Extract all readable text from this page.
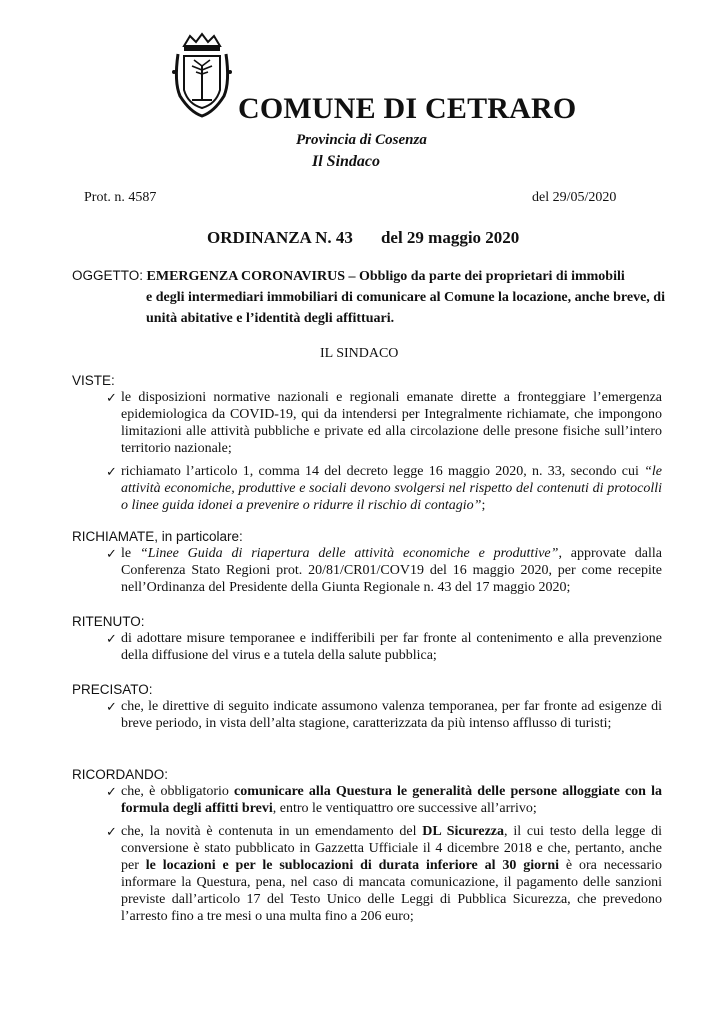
COMUNE DI CETRARO
Provincia di Cosenza
Il Sindaco
Prot. n. 4587	del 29/05/2020
ORDINANZA N. 43 del 29 maggio 2020
OGGETTO: EMERGENZA CORONAVIRUS – Obbligo da parte dei proprietari di immobili
e degli intermediari immobiliari di comunicare al Comune la locazione, anche breve, di unità abitative e l’identità degli affittuari.
IL SINDACO
VISTE:
✓ le disposizioni normative nazionali e regionali emanate dirette a fronteggiare l’emergenza epidemiologica da COVID-19, qui da intendersi per Integralmente richiamate, che impongono limitazioni alle attività pubbliche e private ed alla circolazione delle presone fisiche sull’intero territorio nazionale;
✓ richiamato l’articolo 1, comma 14 del decreto legge 16 maggio 2020, n. 33, secondo cui “le attività economiche, produttive e sociali devono svolgersi nel rispetto del contenuti di protocolli o linee guida idonei a prevenire o ridurre il rischio di contagio”;
RICHIAMATE, in particolare:
✓ le “Linee Guida di riapertura delle attività economiche e produttive”, approvate dalla Conferenza Stato Regioni prot. 20/81/CR01/COV19 del 16 maggio 2020, per come recepite nell’Ordinanza del Presidente della Giunta Regionale n. 43 del 17 maggio 2020;
RITENUTO:
✓ di adottare misure temporanee e indifferibili per far fronte al contenimento e alla prevenzione della diffusione del virus e a tutela della salute pubblica;
PRECISATO:
✓ che, le direttive di seguito indicate assumono valenza temporanea, per far fronte ad esigenze di breve periodo, in vista dell’alta stagione, caratterizzata da più intenso afflusso di turisti;
RICORDANDO:
✓ che, è obbligatorio comunicare alla Questura le generalità delle persone alloggiate con la formula degli affitti brevi, entro le ventiquattro ore successive all’arrivo;
✓ che, la novità è contenuta in un emendamento del DL Sicurezza, il cui testo della legge di conversione è stato pubblicato in Gazzetta Ufficiale il 4 dicembre 2018 e che, pertanto, anche per le locazioni e per le sublocazioni di durata inferiore al 30 giorni è ora necessario informare la Questura, pena, nel caso di mancata comunicazione, il pagamento delle sanzioni previste dall’articolo 17 del Testo Unico delle Leggi di Pubblica Sicurezza, che prevedono l’arresto fino a tre mesi o una multa fino a 206 euro;
